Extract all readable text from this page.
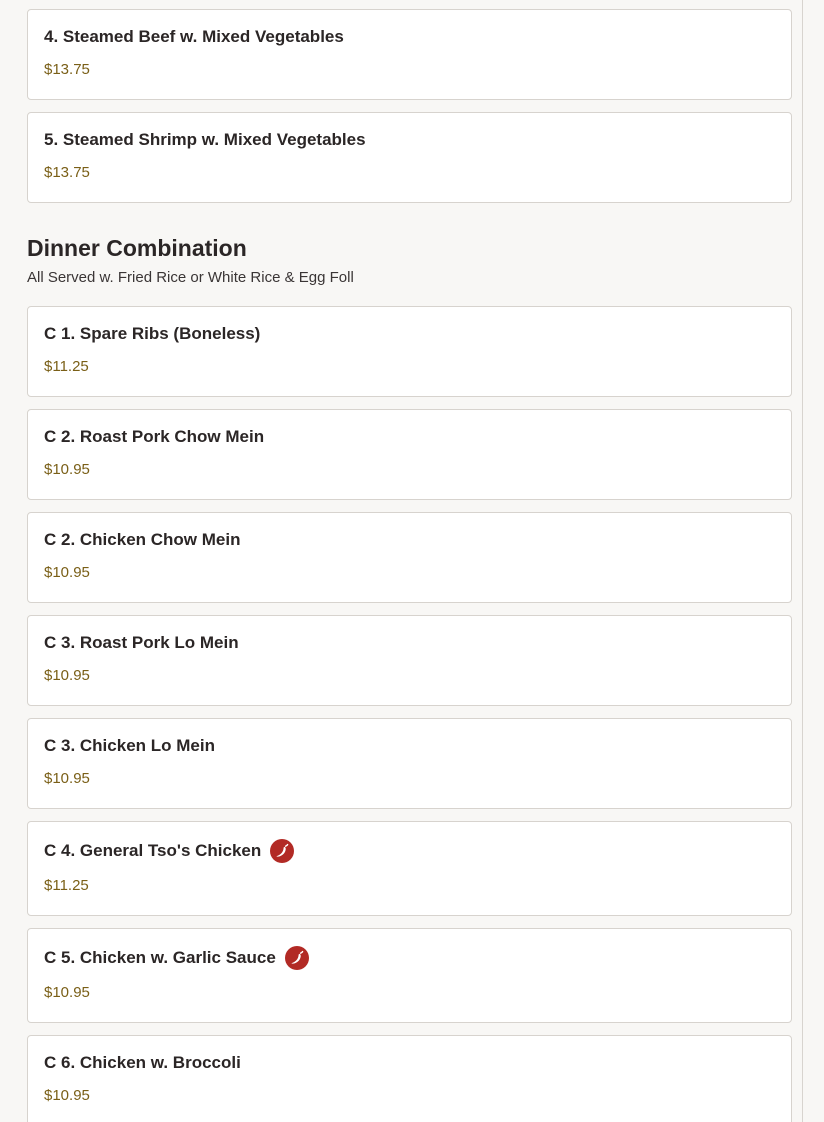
4. Steamed Beef w. Mixed Vegetables
$13.75
5. Steamed Shrimp w. Mixed Vegetables
$13.75
Dinner Combination
All Served w. Fried Rice or White Rice & Egg Foll
C 1. Spare Ribs (Boneless)
$11.25
C 2. Roast Pork Chow Mein
$10.95
C 2. Chicken Chow Mein
$10.95
C 3. Roast Pork Lo Mein
$10.95
C 3. Chicken Lo Mein
$10.95
C 4. General Tso's Chicken
$11.25
C 5. Chicken w. Garlic Sauce
$10.95
C 6. Chicken w. Broccoli
$10.95
